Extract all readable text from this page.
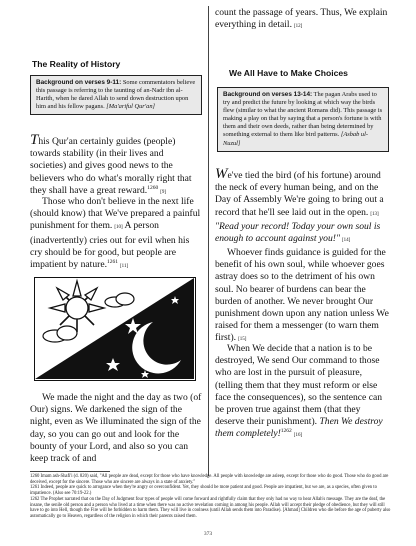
The Reality of History
Background on verses 9-11: Some commentators believe this passage is referring to the taunting of an-Nadr ibn al-Harith, when he dared Allah to send down destruction upon him and his fellow pagans. [Ma'ariful Qur'an]

This Qur'an certainly guides (people) towards stability (in their lives and societies) and gives good news to the believers who do what's morally right that they shall have a great reward.$^{1260}$[9]

Those who don't believe in the next life (should know) that We've prepared a painful punishment for them. [10] A person (inadvertently) cries out for evil when his cry should be for good, but people are impatient by nature.$^{1261}$[11]

We made the night and the day as two (of Our) signs. We darkened the sign of the night, even as We illuminated the sign of the day, so you can go out and look for the bounty of your Lord, and also so you can keep track of and

count the passage of years. Thus, We explain everything in detail. [12]

We All Have to Make Choices
Background on verses 13-14: The pagan Arabs used to try and predict the future by looking at which way the birds flew (similar to what the ancient Romans did). This passage is making a play on that by saying that a person's fortune is with them and their own deeds, rather than being determined by something external to them like bird patterns. [Asbab ul-Nuzul]

We've tied the bird (of his fortune) around the neck of every human being, and on the Day of Assembly We're going to bring out a record that he'll see laid out in the open. [13] "Read your record! Today your own soul is enough to account against you!" [14]

Whoever finds guidance is guided for the benefit of his own soul, while whoever goes astray does so to the detriment of his own soul. No bearer of burdens can bear the burden of another. We never brought Our punishment down upon any nation unless We raised for them a messenger (to warn them first). [15]

When We decide that a nation is to be destroyed, We send Our command to those who are lost in the pursuit of pleasure, (telling them that they must reform or else face the consequences), so the sentence can be proven true against them (that they deserve their punishment). Then We destroy them completely!$^{1262}$[16]

1260 Imam ash-Shafi'i (d. 820) said, "All people are dead, except for those who have knowledge. All people with knowledge are asleep, except for those who do good. Those who do good are deceived, except for the sincere. Those who are sincere are always in a state of anxiety."

1261 Indeed, people are quick to arrogance when they're angry or overconfident. Yet, they should be more patient and good. People are impatient, but we are, as a species, often given to impatience. (Also see 70:19-22.)

1262 The Prophet narrated that on the Day of Judgment four types of people will come forward and rightfully claim that they only had no way to hear Allah's message. They are the deaf, the insane, the senile old person and a person who lived at a time when there was no active revelation coming in among his people. Allah will accept their pledge of obedience, but they will still have to go into Hell, though the Fire will be forbidden to harm them. They will live in coolness (until Allah sends them into Paradise). [Ahmad] Children who die before the age of puberty also automatically go to Heaven, regardless of the religion in which their parents raised them.

373
